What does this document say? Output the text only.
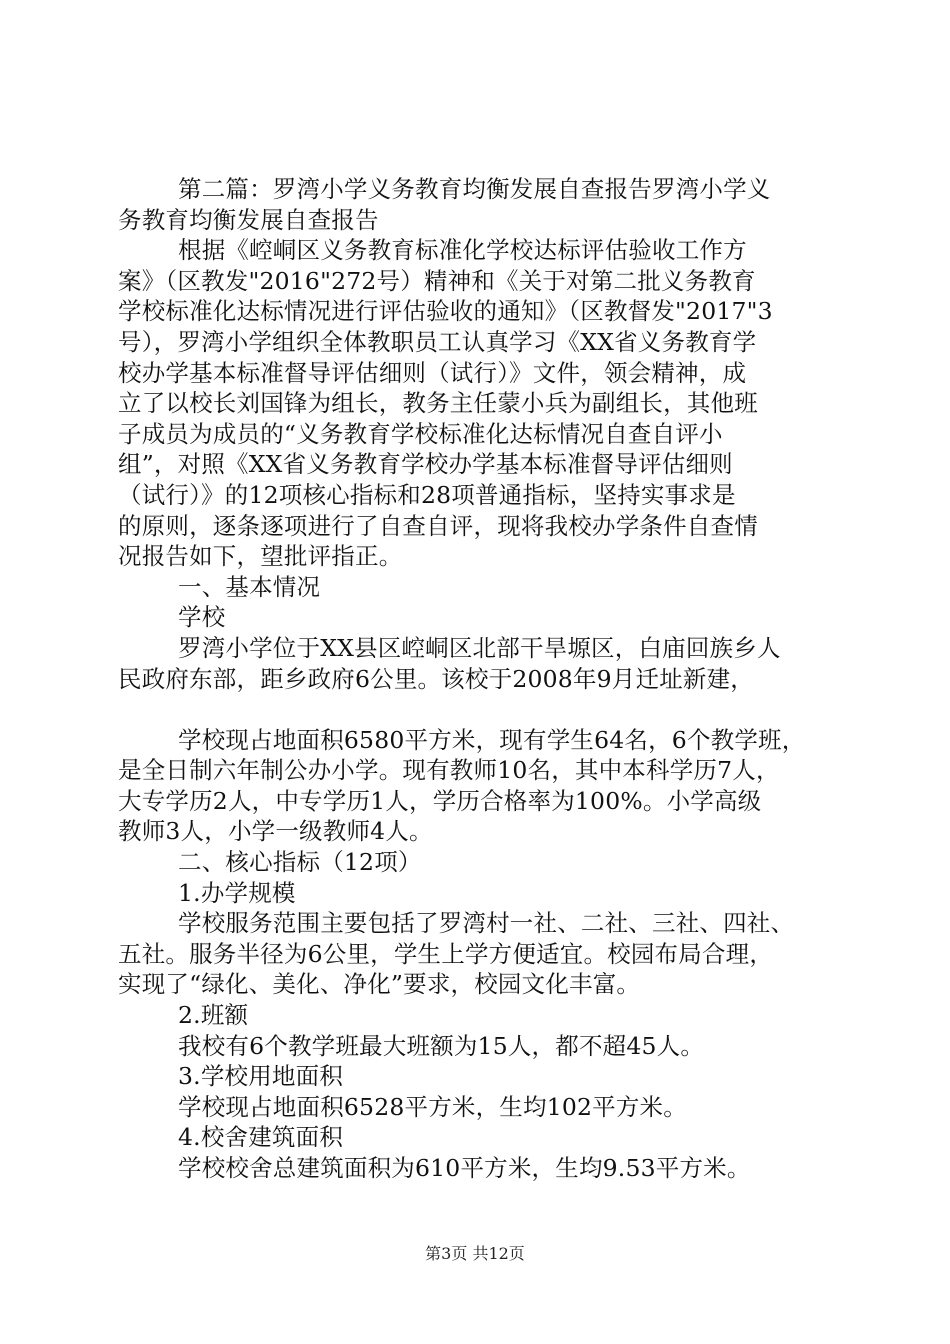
第二篇：罗湾小学义务教育均衡发展自查报告罗湾小学义
务教育均衡发展自查报告
根据《崆峒区义务教育标准化学校达标评估验收工作方
案》（区教发"2016"272号）精神和《关于对第二批义务教育
学校标准化达标情况进行评估验收的通知》（区教督发"2017"3
号），罗湾小学组织全体教职员工认真学习《XX省义务教育学
校办学基本标准督导评估细则（试行）》文件，领会精神，成
立了以校长刘国锋为组长，教务主任蒙小兵为副组长，其他班
子成员为成员的“义务教育学校标准化达标情况自查自评小
组”，对照《XX省义务教育学校办学基本标准督导评估细则
（试行）》的12项核心指标和28项普通指标，坚持实事求是
的原则，逐条逐项进行了自查自评，现将我校办学条件自查情
况报告如下，望批评指正。
一、基本情况
学校
罗湾小学位于XX县区崆峒区北部干旱塬区，白庙回族乡人
民政府东部，距乡政府6公里。该校于2008年9月迁址新建，
学校现占地面积6580平方米，现有学生64名，6个教学班，
是全日制六年制公办小学。现有教师10名，其中本科学历7人，
大专学历2人，中专学历1人，学历合格率为100%。小学高级
教师3人，小学一级教师4人。
二、核心指标（12项）
1.办学规模
学校服务范围主要包括了罗湾村一社、二社、三社、四社、
五社。服务半径为6公里，学生上学方便适宜。校园布局合理，
实现了“绿化、美化、净化”要求，校园文化丰富。
2.班额
我校有6个教学班最大班额为15人，都不超45人。
3.学校用地面积
学校现占地面积6528平方米，生均102平方米。
4.校舍建筑面积
学校校舍总建筑面积为610平方米，生均9.53平方米。
第3页 共12页
